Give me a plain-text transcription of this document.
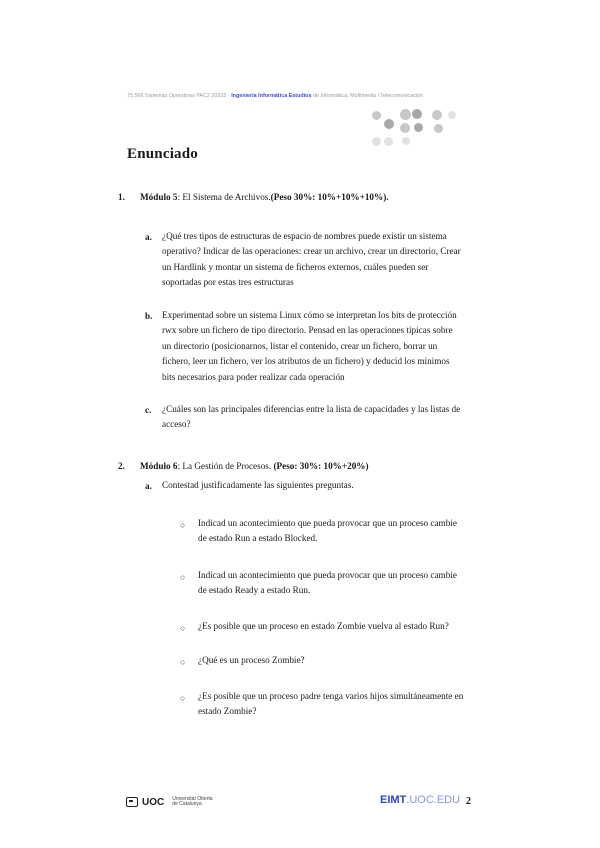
75.566 Sistemas Operativos PAC2 20232 - Ingeniería Informática Estudios de Informática, Multimedia i Telecomunicación
Enunciado
1. Módulo 5: El Sistema de Archivos.(Peso 30%: 10%+10%+10%).
a. ¿Qué tres tipos de estructuras de espacio de nombres puede existir un sistema
operativo? Indicar de las operaciones: crear un archivo, crear un directorio, Crear
un Hardlink y montar un sistema de ficheros externos, cuáles pueden ser
soportadas por estas tres estructuras
b. Experimentad sobre un sistema Linux cómo se interpretan los bits de protección
rwx sobre un fichero de tipo directorio. Pensad en las operaciones típicas sobre
un directorio (posicionarnos, listar el contenido, crear un fichero, borrar un
fichero, leer un fichero, ver los atributos de un fichero) y deducid los mínimos
bits necesarios para poder realizar cada operación
c. ¿Cuáles son las principales diferencias entre la lista de capacidades y las listas de
acceso?
2. Módulo 6: La Gestión de Procesos. (Peso: 30%: 10%+20%)
a. Contestad justificadamente las siguientes preguntas.
○ Indicad un acontecimiento que pueda provocar que un proceso cambie
de estado Run a estado Blocked.
○ Indicad un acontecimiento que pueda provocar que un proceso cambie
de estado Ready a estado Run.
○ ¿Es posible que un proceso en estado Zombie vuelva al estado Run?
○ ¿Qué es un proceso Zombie?
○ ¿Es posible que un proceso padre tenga varios hijos simultáneamente en
estado Zombie?
UOC Universitat Oberta
de Catalunya	EIMT.UOC.EDU 2
